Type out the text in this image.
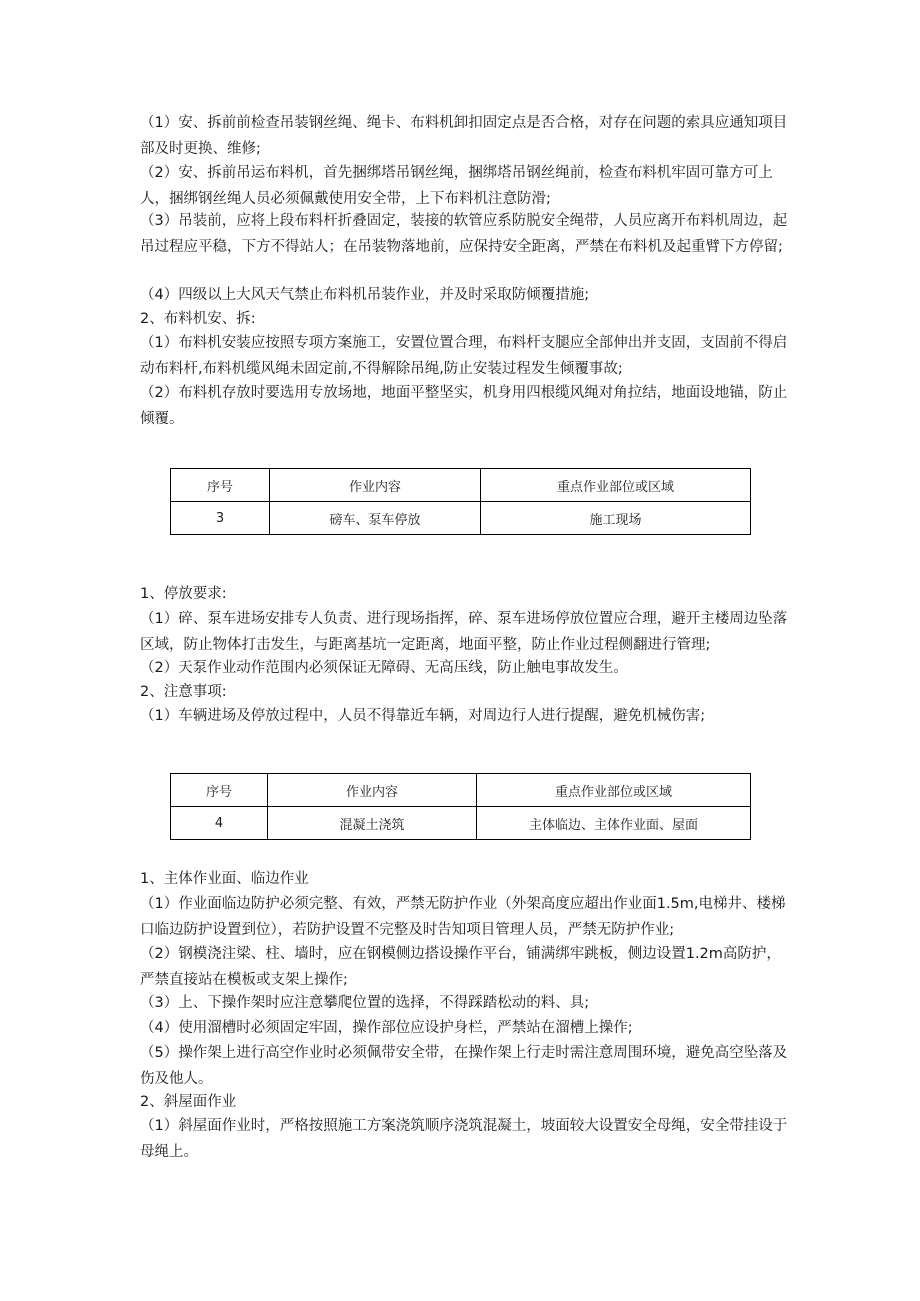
（1）安、拆前前检查吊装钢丝绳、绳卡、布料机卸扣固定点是否合格，对存在问题的索具应通知项目部及时更换、维修;

（2）安、拆前吊运布料机，首先捆绑塔吊钢丝绳，捆绑塔吊钢丝绳前，检查布料机牢固可靠方可上人，捆绑钢丝绳人员必须佩戴使用安全带，上下布料机注意防滑;

（3）吊装前，应将上段布料杆折叠固定，装接的软管应系防脱安全绳带，人员应离开布料机周边，起吊过程应平稳，下方不得站人；在吊装物落地前，应保持安全距离，严禁在布料机及起重臂下方停留;

（4）四级以上大风天气禁止布料机吊装作业，并及时采取防倾覆措施;

2、布料机安、拆:

（1）布料机安装应按照专项方案施工，安置位置合理，布料杆支腿应全部伸出并支固，支固前不得启动布料杆,布料机缆风绳未固定前,不得解除吊绳,防止安装过程发生倾覆事故;

（2）布料机存放时要选用专放场地，地面平整坚实，机身用四根缆风绳对角拉结，地面设地锚，防止倾覆。

序号	作业内容	重点作业部位或区域
3	磅车、泵车停放	施工现场

1、停放要求:

（1）碎、泵车进场安排专人负责、进行现场指挥，碎、泵车进场停放位置应合理，避开主楼周边坠落区域，防止物体打击发生，与距离基坑一定距离，地面平整，防止作业过程侧翻进行管理;

（2）天泵作业动作范围内必须保证无障碍、无高压线，防止触电事故发生。

2、注意事项:

（1）车辆进场及停放过程中，人员不得靠近车辆，对周边行人进行提醒，避免机械伤害;

序号	作业内容	重点作业部位或区域
4	混凝土浇筑	主体临边、主体作业面、屋面

1、主体作业面、临边作业

（1）作业面临边防护必须完整、有效，严禁无防护作业（外架高度应超出作业面1.5m,电梯井、楼梯口临边防护设置到位），若防护设置不完整及时告知项目管理人员，严禁无防护作业;

（2）钢模浇注梁、柱、墙时，应在钢模侧边搭设操作平台，铺满绑牢跳板，侧边设置1.2m高防护，严禁直接站在模板或支架上操作;

（3）上、下操作架时应注意攀爬位置的选择，不得踩踏松动的料、具;

（4）使用溜槽时必须固定牢固，操作部位应设护身栏，严禁站在溜槽上操作;

（5）操作架上进行高空作业时必须佩带安全带，在操作架上行走时需注意周围环境，避免高空坠落及伤及他人。

2、斜屋面作业

（1）斜屋面作业时，严格按照施工方案浇筑顺序浇筑混凝土，坡面较大设置安全母绳，安全带挂设于母绳上。
